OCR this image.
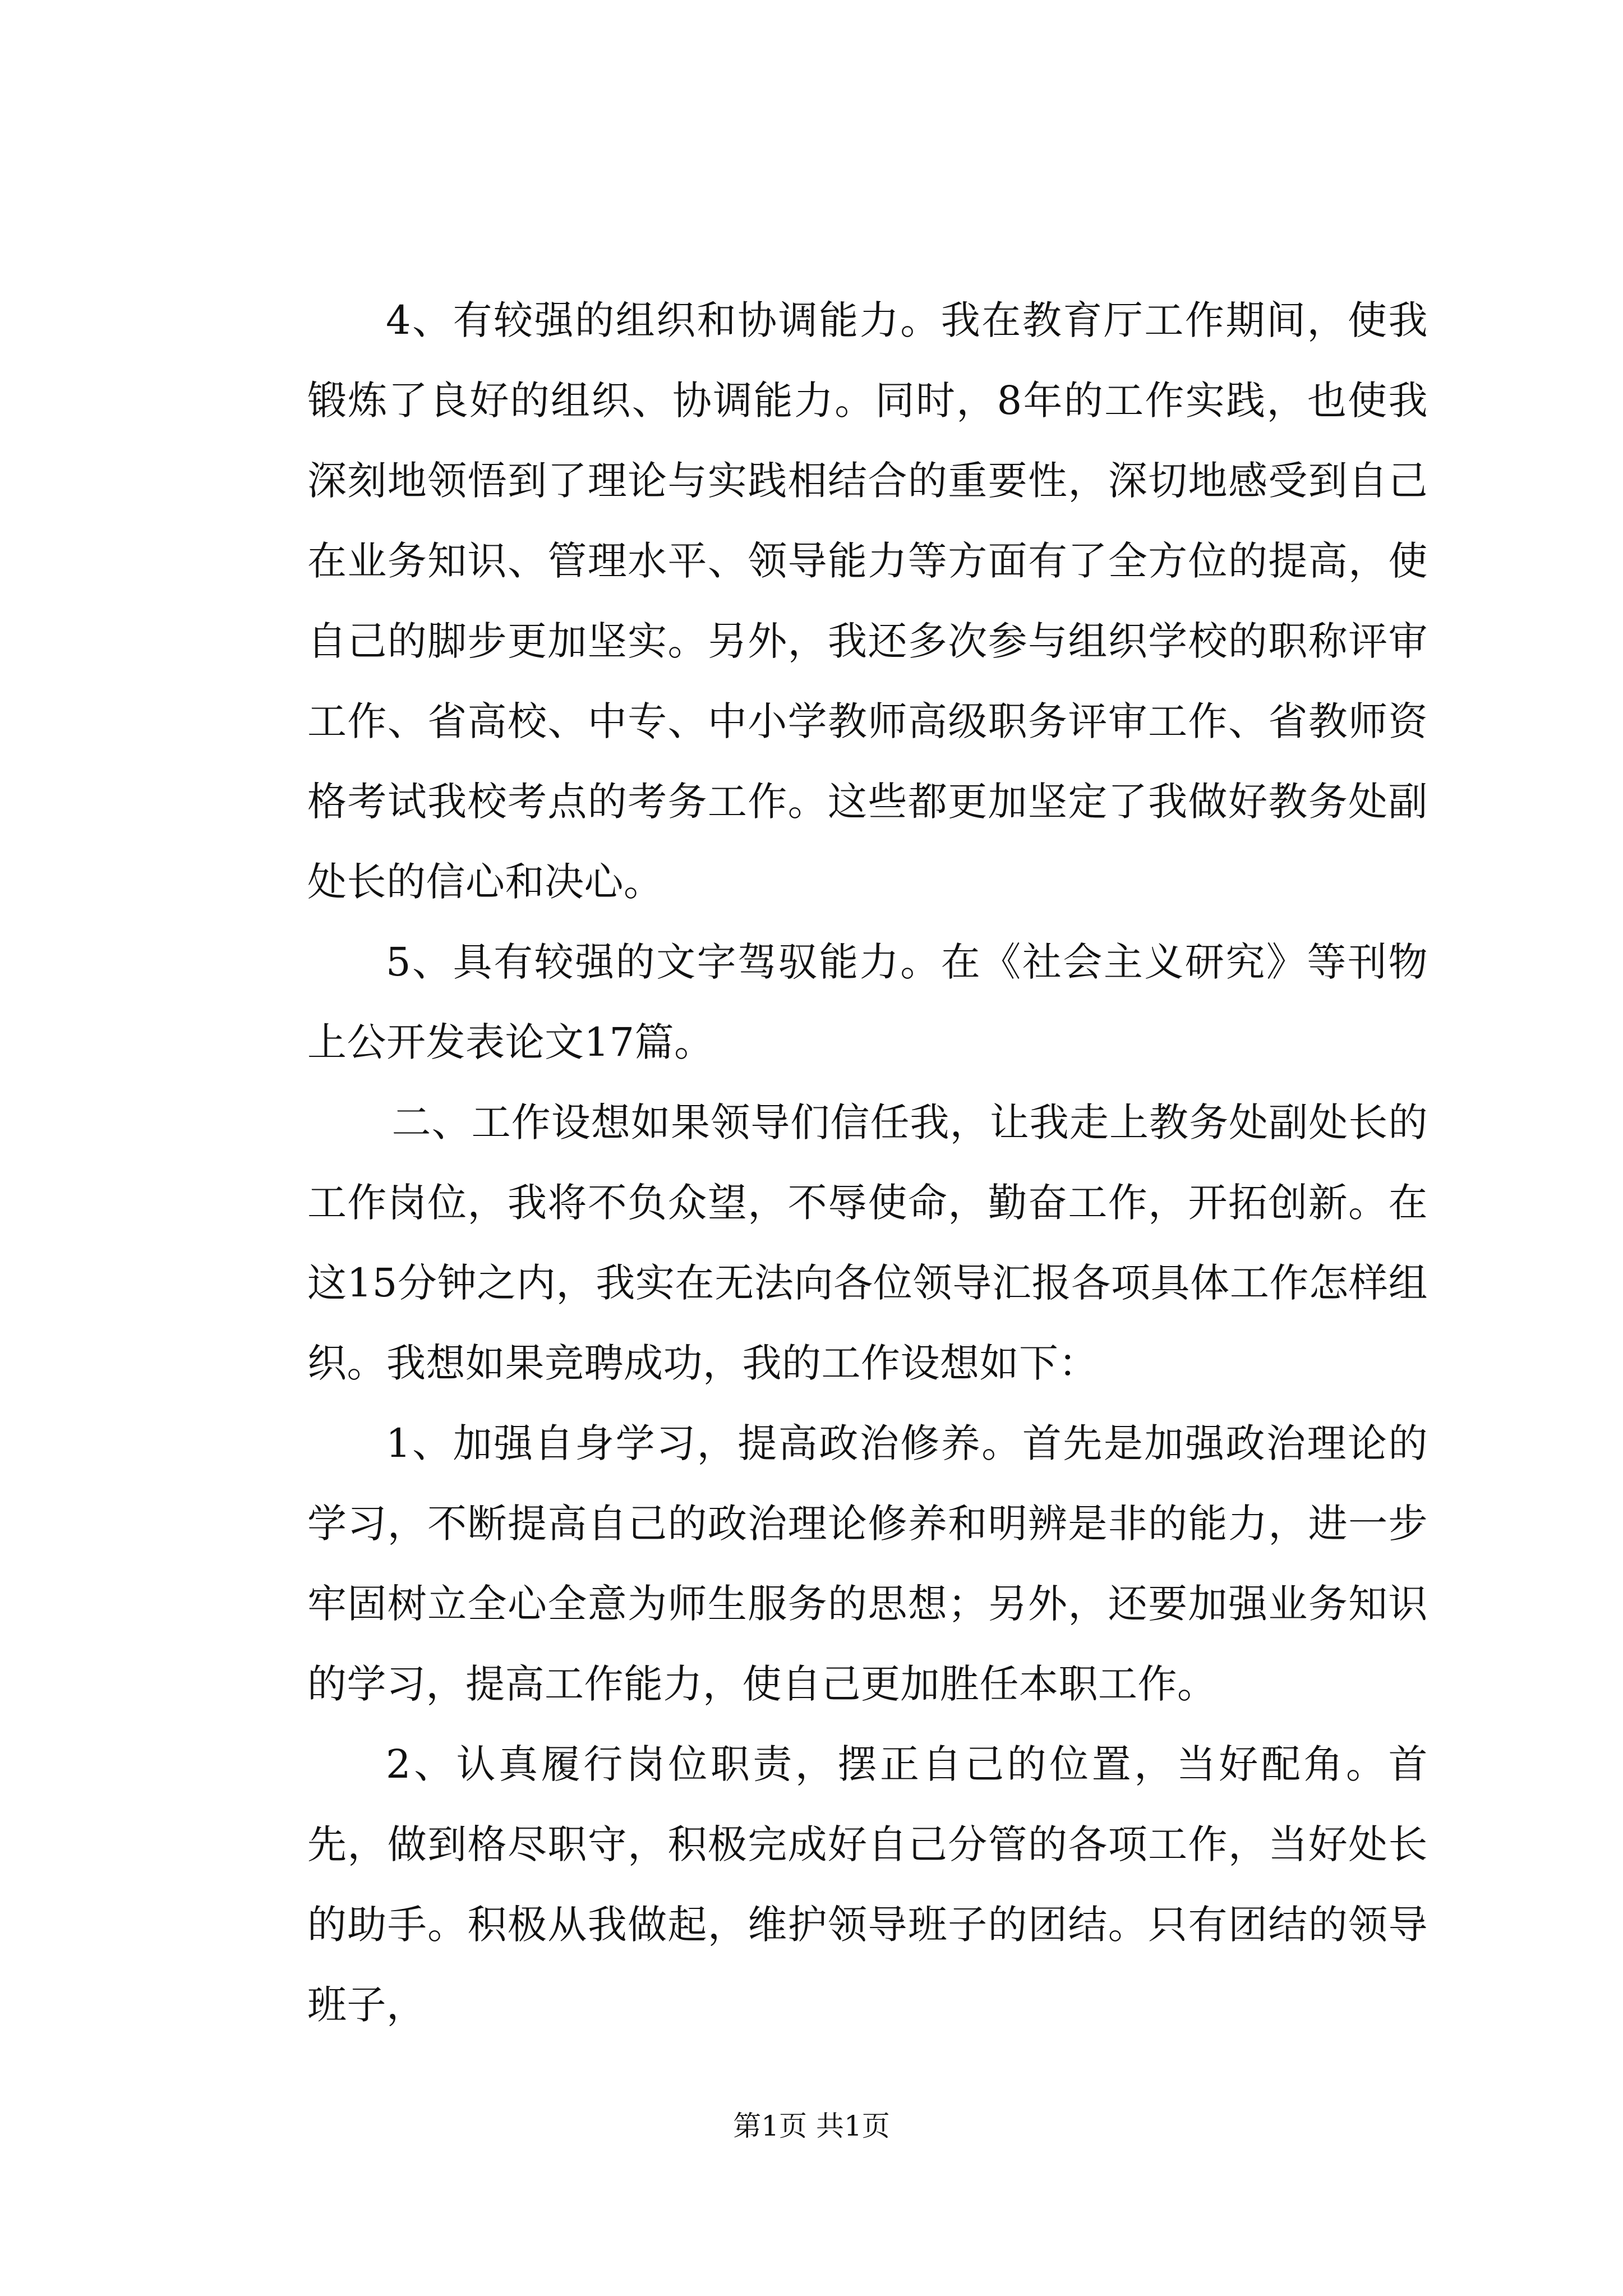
4、有较强的组织和协调能力。我在教育厅工作期间，使我锻炼了良好的组织、协调能力。同时，8年的工作实践，也使我深刻地领悟到了理论与实践相结合的重要性，深切地感受到自己在业务知识、管理水平、领导能力等方面有了全方位的提高，使自己的脚步更加坚实。另外，我还多次参与组织学校的职称评审工作、省高校、中专、中小学教师高级职务评审工作、省教师资格考试我校考点的考务工作。这些都更加坚定了我做好教务处副处长的信心和决心。

5、具有较强的文字驾驭能力。在《社会主义研究》等刊物上公开发表论文17篇。

二、工作设想如果领导们信任我，让我走上教务处副处长的工作岗位，我将不负众望，不辱使命，勤奋工作，开拓创新。在这15分钟之内，我实在无法向各位领导汇报各项具体工作怎样组织。我想如果竞聘成功，我的工作设想如下：

1、加强自身学习，提高政治修养。首先是加强政治理论的学习，不断提高自己的政治理论修养和明辨是非的能力，进一步牢固树立全心全意为师生服务的思想；另外，还要加强业务知识的学习，提高工作能力，使自己更加胜任本职工作。

2、认真履行岗位职责，摆正自己的位置，当好配角。首先，做到格尽职守，积极完成好自己分管的各项工作，当好处长的助手。积极从我做起，维护领导班子的团结。只有团结的领导班子，

第1页 共1页
